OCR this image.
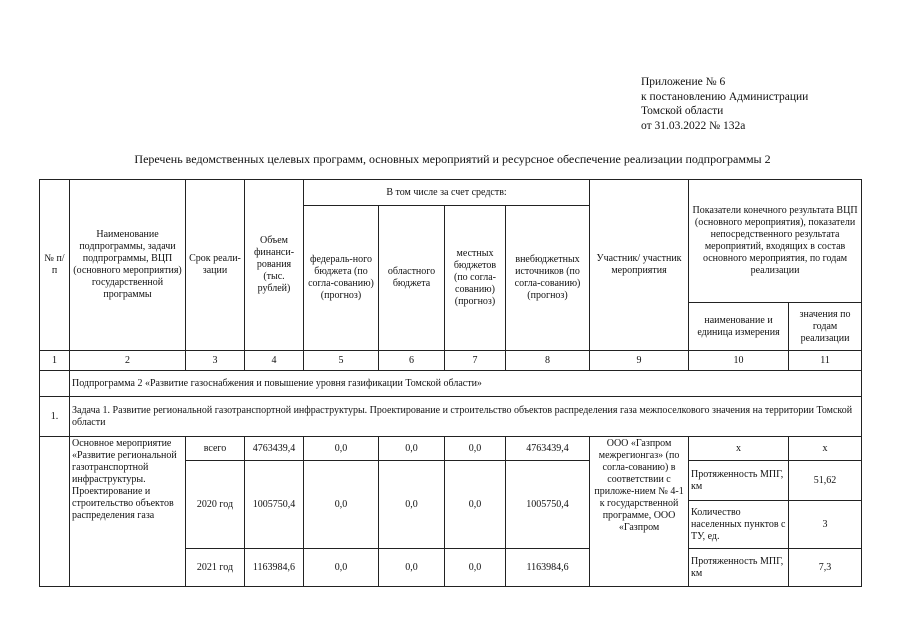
Приложение № 6
к постановлению Администрации
Томской области
от 31.03.2022 № 132а
Перечень ведомственных целевых программ, основных мероприятий и ресурсное обеспечение реализации подпрограммы 2
№ п/п	Наименование подпрограммы, задачи подпрограммы, ВЦП (основного мероприятия) государственной программы	Срок реали-зации	Объем финанси-рования (тыс. рублей)	В том числе за счет средств:				Участник/ участник мероприятия	Показатели конечного результата ВЦП (основного мероприятия), показатели непосредственного результата мероприятий, входящих в состав основного мероприятия, по годам реализации	
				федераль-ного бюджета (по согла-сованию) (прогноз)	областного бюджета	местных бюджетов (по согла-сованию) (прогноз)	внебюджетных источников (по согла-сованию) (прогноз)			
									наименование и единица измерения	значения по годам реализации
1	2	3	4	5	6	7	8	9	10	11
	Подпрограмма 2 «Развитие газоснабжения и повышение уровня газификации Томской области»									
1.	Задача 1. Развитие региональной газотранспортной инфраструктуры. Проектирование и строительство объектов распределения газа межпоселкового значения на территории Томской области									
	Основное мероприятие «Развитие региональной газотранспортной инфраструктуры. Проектирование и строительство объектов распределения газа	всего	4763439,4	0,0	0,0	0,0	4763439,4	ООО «Газпром межрегионгаз» (по согла-сованию) в соответствии с приложе-нием № 4-1 к государственной программе, ООО «Газпром	х	х
		2020 год	1005750,4	0,0	0,0	0,0	1005750,4		Протяженность МПГ, км	51,62
									Количество населенных пунктов с ТУ, ед.	3
		2021 год	1163984,6	0,0	0,0	0,0	1163984,6		Протяженность МПГ, км	7,3
